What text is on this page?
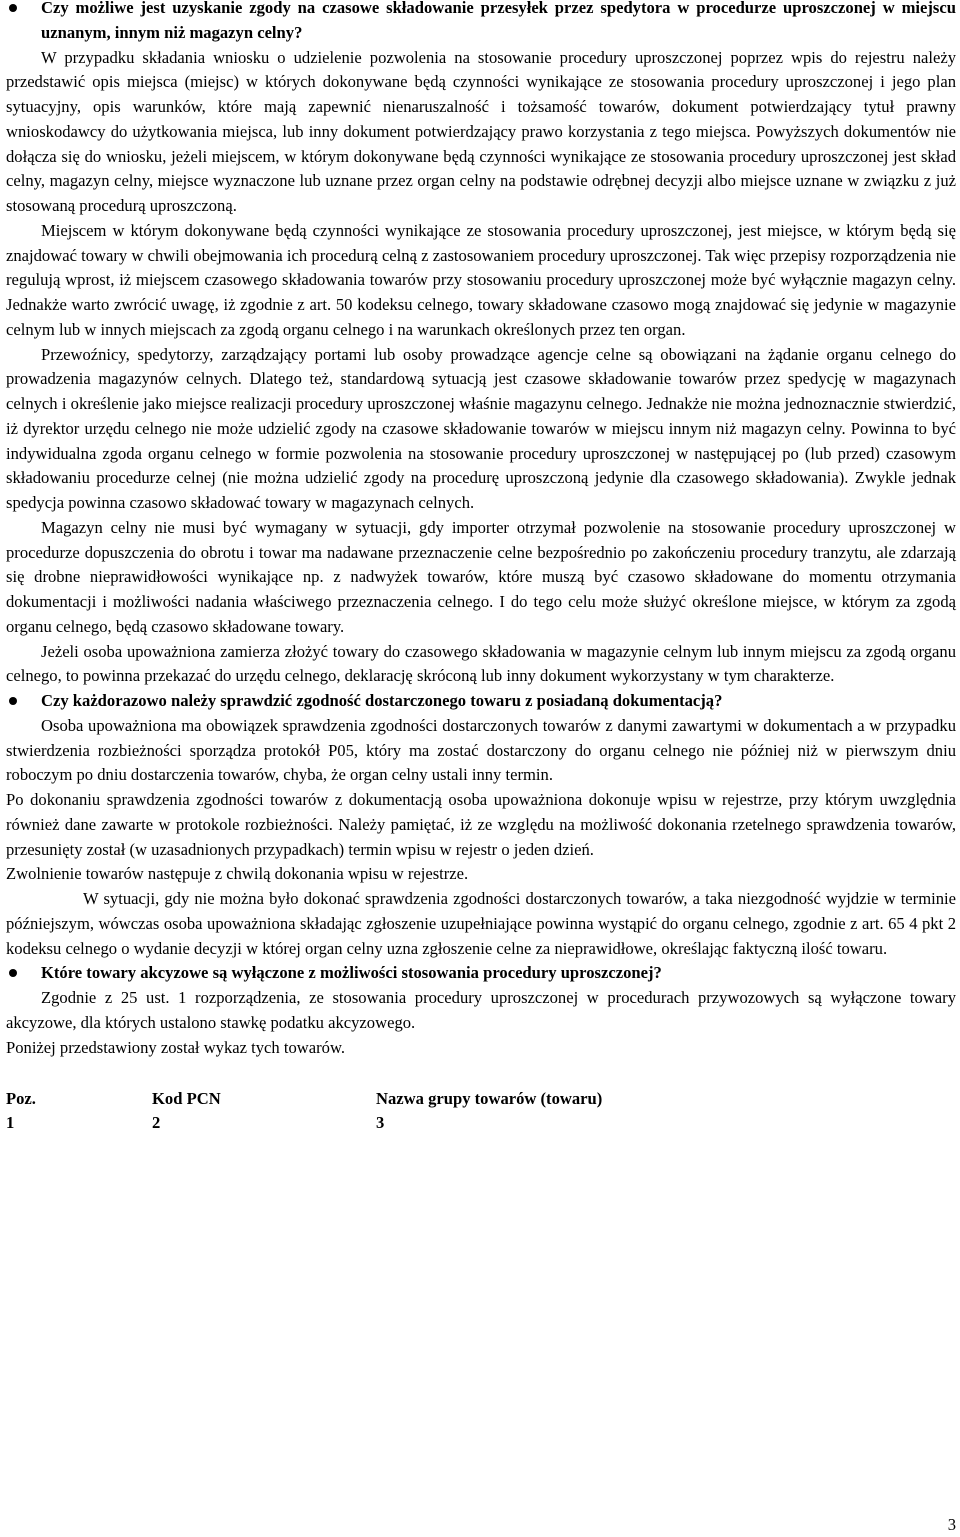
Czy możliwe jest uzyskanie zgody na czasowe składowanie przesyłek przez spedytora w procedurze uproszczonej w miejscu uznanym, innym niż magazyn celny?

W przypadku składania wniosku o udzielenie pozwolenia na stosowanie procedury uproszczonej poprzez wpis do rejestru należy przedstawić opis miejsca (miejsc) w których dokonywane będą czynności wynikające ze stosowania procedury uproszczonej i jego plan sytuacyjny, opis warunków, które mają zapewnić nienaruszalność i tożsamość towarów, dokument potwierdzający tytuł prawny wnioskodawcy do użytkowania miejsca, lub inny dokument potwierdzający prawo korzystania z tego miejsca. Powyższych dokumentów nie dołącza się do wniosku, jeżeli miejscem, w którym dokonywane będą czynności wynikające ze stosowania procedury uproszczonej jest skład celny, magazyn celny, miejsce wyznaczone lub uznane przez organ celny na podstawie odrębnej decyzji albo miejsce uznane w związku z już stosowaną procedurą uproszczoną.

Miejscem w którym dokonywane będą czynności wynikające ze stosowania procedury uproszczonej, jest miejsce, w którym będą się znajdować towary w chwili obejmowania ich procedurą celną z zastosowaniem procedury uproszczonej. Tak więc przepisy rozporządzenia nie regulują wprost, iż miejscem czasowego składowania towarów przy stosowaniu procedury uproszczonej może być wyłącznie magazyn celny. Jednakże warto zwrócić uwagę, iż zgodnie z art. 50 kodeksu celnego, towary składowane czasowo mogą znajdować się jedynie w magazynie celnym lub w innych miejscach za zgodą organu celnego i na warunkach określonych przez ten organ.

Przewoźnicy, spedytorzy, zarządzający portami lub osoby prowadzące agencje celne są obowiązani na żądanie organu celnego do prowadzenia magazynów celnych. Dlatego też, standardową sytuacją jest czasowe składowanie towarów przez spedycję w magazynach celnych i określenie jako miejsce realizacji procedury uproszczonej właśnie magazynu celnego. Jednakże nie można jednoznacznie stwierdzić, iż dyrektor urzędu celnego nie może udzielić zgody na czasowe składowanie towarów w miejscu innym niż magazyn celny. Powinna to być indywidualna zgoda organu celnego w formie pozwolenia na stosowanie procedury uproszczonej w następującej po (lub przed) czasowym składowaniu procedurze celnej (nie można udzielić zgody na procedurę uproszczoną jedynie dla czasowego składowania). Zwykle jednak spedycja powinna czasowo składować towary w magazynach celnych.

Magazyn celny nie musi być wymagany w sytuacji, gdy importer otrzymał pozwolenie na stosowanie procedury uproszczonej w procedurze dopuszczenia do obrotu i towar ma nadawane przeznaczenie celne bezpośrednio po zakończeniu procedury tranzytu, ale zdarzają się drobne nieprawidłowości wynikające np. z nadwyżek towarów, które muszą być czasowo składowane do momentu otrzymania dokumentacji i możliwości nadania właściwego przeznaczenia celnego. I do tego celu może służyć określone miejsce, w którym za zgodą organu celnego, będą czasowo składowane towary.

Jeżeli osoba upoważniona zamierza złożyć towary do czasowego składowania w magazynie celnym lub innym miejscu za zgodą organu celnego, to powinna przekazać do urzędu celnego, deklarację skróconą lub inny dokument wykorzystany w tym charakterze.

Czy każdorazowo należy sprawdzić zgodność dostarczonego towaru z posiadaną dokumentacją?

Osoba upoważniona ma obowiązek sprawdzenia zgodności dostarczonych towarów z danymi zawartymi w dokumentach a w przypadku stwierdzenia rozbieżności sporządza protokół P05, który ma zostać dostarczony do organu celnego nie później niż w pierwszym dniu roboczym po dniu dostarczenia towarów, chyba, że organ celny ustali inny termin.

Po dokonaniu sprawdzenia zgodności towarów z dokumentacją osoba upoważniona dokonuje wpisu w rejestrze, przy którym uwzględnia również dane zawarte w protokole rozbieżności. Należy pamiętać, iż ze względu na możliwość dokonania rzetelnego sprawdzenia towarów, przesunięty został (w uzasadnionych przypadkach) termin wpisu w rejestr o jeden dzień.

Zwolnienie towarów następuje z chwilą dokonania wpisu w rejestrze.

W sytuacji, gdy nie można było dokonać sprawdzenia zgodności dostarczonych towarów, a taka niezgodność wyjdzie w terminie późniejszym, wówczas osoba upoważniona składając zgłoszenie uzupełniające powinna wystąpić do organu celnego, zgodnie z art. 65 4 pkt 2 kodeksu celnego o wydanie decyzji w której organ celny uzna zgłoszenie celne za nieprawidłowe, określając faktyczną ilość towaru.

Które towary akcyzowe są wyłączone z możliwości stosowania procedury uproszczonej?

Zgodnie z 25 ust. 1 rozporządzenia, ze stosowania procedury uproszczonej w procedurach przywozowych są wyłączone towary akcyzowe, dla których ustalono stawkę podatku akcyzowego.

Poniżej przedstawiony został wykaz tych towarów.

Poz.	Kod PCN	Nazwa grupy towarów (towaru)
1	2	3
3
